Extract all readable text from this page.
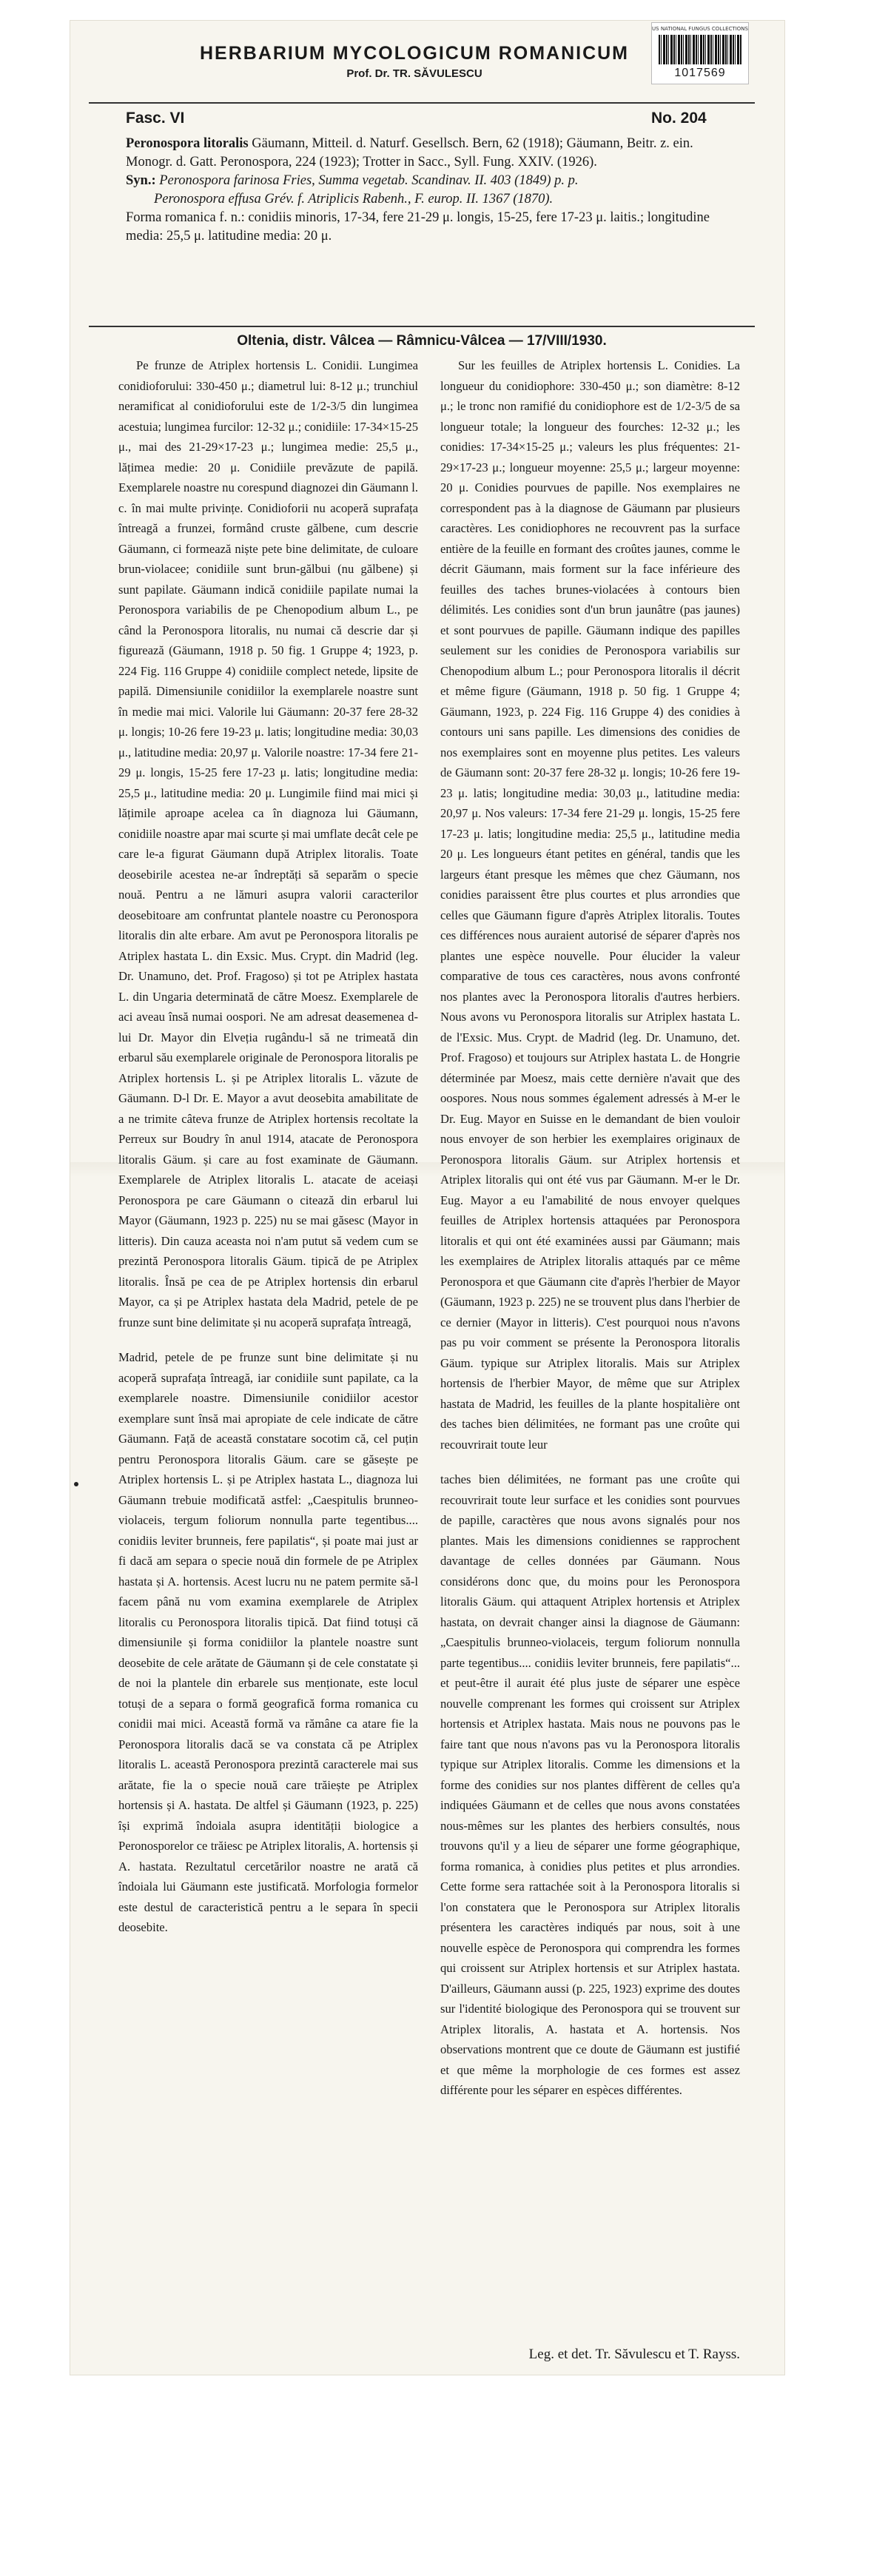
US NATIONAL FUNGUS COLLECTIONS
1017569
HERBARIUM MYCOLOGICUM ROMANICUM
Prof. Dr. TR. SĂVULESCU
Fasc. VI	No. 204

Peronospora litoralis Gäumann, Mitteil. d. Naturf. Gesellsch. Bern, 62 (1918); Gäumann, Beitr. z. ein. Monogr. d. Gatt. Peronospora, 224 (1923); Trotter in Sacc., Syll. Fung. XXIV. (1926).

Syn.: Peronospora farinosa Fries, Summa vegetab. Scandinav. II. 403 (1849) p. p.

Peronospora effusa Grév. f. Atriplicis Rabenh., F. europ. II. 1367 (1870).

Forma romanica f. n.: conidiis minoris, 17-34, fere 21-29 μ. longis, 15-25, fere 17-23 μ. laitis.; longitudine media: 25,5 μ. latitudine media: 20 μ.

Oltenia, distr. Vâlcea — Râmnicu-Vâlcea — 17/VIII/1930.

Pe frunze de Atriplex hortensis L. Conidii. Lungimea conidioforului: 330-450 μ.; diametrul lui: 8-12 μ.; trunchiul neramificat al conidioforului este de 1/2-3/5 din lungimea acestuia; lungimea furcilor: 12-32 μ.; conidiile: 17-34×15-25 μ., mai des 21-29×17-23 μ.; lungimea medie: 25,5 μ., lățimea medie: 20 μ. Conidiile prevăzute de papilă. Exemplarele noastre nu corespund diagnozei din Gäumann l. c. în mai multe privințe. Conidioforii nu acoperă suprafața întreagă a frunzei, formând cruste gălbene, cum descrie Gäumann, ci formează niște pete bine delimitate, de culoare brun-violacee; conidiile sunt brun-gălbui (nu gălbene) și sunt papilate. Gäumann indică conidiile papilate numai la Peronospora variabilis de pe Chenopodium album L., pe când la Peronospora litoralis, nu numai că descrie dar și figurează (Gäumann, 1918 p. 50 fig. 1 Gruppe 4; 1923, p. 224 Fig. 116 Gruppe 4) conidiile complect netede, lipsite de papilă. Dimensiunile conidiilor la exemplarele noastre sunt în medie mai mici. Valorile lui Gäumann: 20-37 fere 28-32 μ. longis; 10-26 fere 19-23 μ. latis; longitudine media: 30,03 μ., latitudine media: 20,97 μ. Valorile noastre: 17-34 fere 21-29 μ. longis, 15-25 fere 17-23 μ. latis; longitudine media: 25,5 μ., latitudine media: 20 μ. Lungimile fiind mai mici și lățimile aproape aceleа ca în diagnoza lui Gäumann, conidiile noastre apar mai scurte și mai umflate decât cele pe care le-a figurat Gäumann după Atriplex litoralis. Toate deosebirile acestea ne-ar îndreptăți să separăm o specie nouă. Pentru a ne lămuri asupra valorii caracterilor deosebitoare am confruntat plantele noastre cu Peronospora litoralis din alte erbare. Am avut pe Peronospora litoralis pe Atriplex hastata L. din Exsic. Mus. Crypt. din Madrid (leg. Dr. Unamuno, det. Prof. Fragoso) și tot pe Atriplex hastata L. din Ungaria determinată de către Moesz. Exemplarele de aci aveau însă numai oospori. Ne am adresat deasemenea d-lui Dr. Mayor din Elveția rugându-l să ne trimeată din erbarul său exemplarele originale de Peronospora litoralis pe Atriplex hortensis L. și pe Atriplex litoralis L. văzute de Gäumann. D-l Dr. E. Mayor a avut deosebita amabilitate de a ne trimite câteva frunze de Atriplex hortensis recoltate la Perreux sur Boudry în anul 1914, atacate de Peronospora litoralis Gäum. și care au fost examinate de Gäumann. Exemplarele de Atriplex litoralis L. atacate de aceiași Peronospora pe care Gäumann o citează din erbarul lui Mayor (Gäumann, 1923 p. 225) nu se mai găsesc (Mayor in litteris). Din cauza aceasta noi n'am putut să vedem cum se prezintă Peronospora litoralis Gäum. tipică de pe Atriplex litoralis. Însă pe cea de pe Atriplex hortensis din erbarul Mayor, ca și pe Atriplex hastata dela Madrid, petele de pe frunze sunt bine delimitate și nu acoperă suprafața întreagă,

Madrid, petele de pe frunze sunt bine delimitate și nu acoperă suprafața întreagă, iar conidiile sunt papilate, ca la exemplarele noastre. Dimensiunile conidiilor acestor exemplare sunt însă mai apropiate de cele indicate de către Gäumann. Față de această constatare socotim că, cel puțin pentru Peronospora litoralis Gäum. care se găsește pe Atriplex hortensis L. și pe Atriplex hastata L., diagnoza lui Gäumann trebuie modificată astfel: „Caespitulis brunneo-violaceis, tergum foliorum nonnulla parte tegentibus.... conidiis leviter brunneis, fere papilatis“, și poate mai just ar fi dacă am separa o specie nouă din formele de pe Atriplex hastata și A. hortensis. Acest lucru nu ne patem permite să-l facem până nu vom examina exemplarele de Atriplex litoralis cu Peronospora litoralis tipică. Dat fiind totuși că dimensiunile și forma conidiilor la plantele noastre sunt deosebite de cele arătate de Gäumann și de cele constatate și de noi la plantele din erbarele sus menționate, este locul totuși de a separa o formă geografică forma romanica cu conidii mai mici. Această formă va rămâne ca atare fie la Peronospora litoralis dacă se va constata că pe Atriplex litoralis L. această Peronospora prezintă caracterele mai sus arătate, fie la o specie nouă care trăiește pe Atriplex hortensis și A. hastata. De altfel și Gäumann (1923, p. 225) își exprimă îndoiala asupra identității biologice a Peronosporelor ce trăiesc pe Atriplex litoralis, A. hortensis și A. hastata. Rezultatul cercetărilor noastre ne arată că îndoiala lui Gäumann este justificată. Morfologia formelor este destul de caracteristică pentru a le separa în specii deosebite.

Sur les feuilles de Atriplex hortensis L. Conidies. La longueur du conidiophore: 330-450 μ.; son diamètre: 8-12 μ.; le tronc non ramifié du conidiophore est de 1/2-3/5 de sa longueur totale; la longueur des fourches: 12-32 μ.; les conidies: 17-34×15-25 μ.; valeurs les plus fréquentes: 21-29×17-23 μ.; longueur moyenne: 25,5 μ.; largeur moyenne: 20 μ. Conidies pourvues de papille. Nos exemplaires ne correspondent pas à la diagnose de Gäumann par plusieurs caractères. Les conidiophores ne recouvrent pas la surface entière de la feuille en formant des croûtes jaunes, comme le décrit Gäumann, mais forment sur la face inférieure des feuilles des taches brunes-violacées à contours bien délimités. Les conidies sont d'un brun jaunâtre (pas jaunes) et sont pourvues de papille. Gäumann indique des papilles seulement sur les conidies de Peronospora variabilis sur Chenopodium album L.; pour Peronospora litoralis il décrit et même figure (Gäumann, 1918 p. 50 fig. 1 Gruppe 4; Gäumann, 1923, p. 224 Fig. 116 Gruppe 4) des conidies à contours uni sans papille. Les dimensions des conidies de nos exemplaires sont en moyenne plus petites. Les valeurs de Gäumann sont: 20-37 fere 28-32 μ. longis; 10-26 fere 19-23 μ. latis; longitudine media: 30,03 μ., latitudine media: 20,97 μ. Nos valeurs: 17-34 fere 21-29 μ. longis, 15-25 fere 17-23 μ. latis; longitudine media: 25,5 μ., latitudine media 20 μ. Les longueurs étant petites en général, tandis que les largeurs étant presque les mêmes que chez Gäumann, nos conidies paraissent être plus courtes et plus arrondies que celles que Gäumann figure d'après Atriplex litoralis. Toutes ces différences nous auraient autorisé de séparer d'après nos plantes une espèce nouvelle. Pour élucider la valeur comparative de tous ces caractères, nous avons confronté nos plantes avec la Peronospora litoralis d'autres herbiers. Nous avons vu Peronospora litoralis sur Atriplex hastata L. de l'Exsic. Mus. Crypt. de Madrid (leg. Dr. Unamuno, det. Prof. Fragoso) et toujours sur Atriplex hastata L. de Hongrie déterminée par Moesz, mais cette dernière n'avait que des oospores. Nous nous sommes également adressés à M-er le Dr. Eug. Mayor en Suisse en le demandant de bien vouloir nous envoyer de son herbier les exemplaires originaux de Peronospora litoralis Gäum. sur Atriplex hortensis et Atriplex litoralis qui ont été vus par Gäumann. M-er le Dr. Eug. Mayor a eu l'amabilité de nous envoyer quelques feuilles de Atriplex hortensis attaquées par Peronospora litoralis et qui ont été examinées aussi par Gäumann; mais les exemplaires de Atriplex litoralis attaqués par ce même Peronospora et que Gäumann cite d'après l'herbier de Mayor (Gäumann, 1923 p. 225) ne se trouvent plus dans l'herbier de ce dernier (Mayor in litteris). C'est pourquoi nous n'avons pas pu voir comment se présente la Peronospora litoralis Gäum. typique sur Atriplex litoralis. Mais sur Atriplex hortensis de l'herbier Mayor, de même que sur Atriplex hastata de Madrid, les feuilles de la plante hospitalière ont des taches bien délimitées, ne formant pas une croûte qui recouvrirait toute leur

taches bien délimitées, ne formant pas une croûte qui recouvrirait toute leur surface et les conidies sont pourvues de papille, caractères que nous avons signalés pour nos plantes. Mais les dimensions conidiennes se rapprochent davantage de celles données par Gäumann. Nous considérons donc que, du moins pour les Peronospora litoralis Gäum. qui attaquent Atriplex hortensis et Atriplex hastata, on devrait changer ainsi la diagnose de Gäumann: „Caespitulis brunneo-violaceis, tergum foliorum nonnulla parte tegentibus.... conidiis leviter brunneis, fere papilatis“... et peut-être il aurait été plus juste de séparer une espèce nouvelle comprenant les formes qui croissent sur Atriplex hortensis et Atriplex hastata. Mais nous ne pouvons pas le faire tant que nous n'avons pas vu la Peronospora litoralis typique sur Atriplex litoralis. Comme les dimensions et la forme des conidies sur nos plantes diffèrent de celles qu'a indiquées Gäumann et de celles que nous avons constatées nous-mêmes sur les plantes des herbiers consultés, nous trouvons qu'il y a lieu de séparer une forme géographique, forma romanica, à conidies plus petites et plus arrondies. Cette forme sera rattachée soit à la Peronospora litoralis si l'on constatera que le Peronospora sur Atriplex litoralis présentera les caractères indiqués par nous, soit à une nouvelle espèce de Peronospora qui comprendra les formes qui croissent sur Atriplex hortensis et sur Atriplex hastata. D'ailleurs, Gäumann aussi (p. 225, 1923) exprime des doutes sur l'identité biologique des Peronospora qui se trouvent sur Atriplex litoralis, A. hastata et A. hortensis. Nos observations montrent que ce doute de Gäumann est justifié et que même la morphologie de ces formes est assez différente pour les séparer en espèces différentes.

Leg. et det. Tr. Săvulescu et T. Rayss.
